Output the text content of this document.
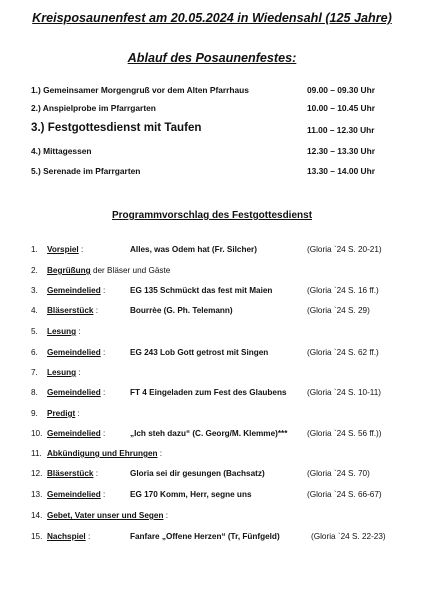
Kreisposaunenfest am 20.05.2024 in Wiedensahl (125 Jahre)
Ablauf des Posaunenfestes:
1.) Gemeinsamer Morgengruß vor dem Alten Pfarrhaus	09.00 – 09.30 Uhr
2.) Anspielprobe im Pfarrgarten	10.00 – 10.45 Uhr
3.) Festgottesdienst mit Taufen	11.00 – 12.30 Uhr
4.) Mittagessen	12.30 – 13.30 Uhr
5.) Serenade im Pfarrgarten	13.30 – 14.00 Uhr
Programmvorschlag des Festgottesdienst
1. Vorspiel :	Alles, was Odem hat (Fr. Silcher)	(Gloria `24 S. 20-21)
2. Begrüßung der Bläser und Gäste
3. Gemeindelied :	EG 135 Schmückt das fest mit Maien	(Gloria `24 S. 16 ff.)
4. Bläserstück :	Bourrèe (G. Ph. Telemann)	(Gloria `24 S. 29)
5. Lesung :
6. Gemeindelied :	EG 243 Lob Gott getrost mit Singen	(Gloria `24 S. 62 ff.)
7. Lesung :
8. Gemeindelied :	FT 4 Eingeladen zum Fest des Glaubens (Gloria `24 S. 10-11)
9. Predigt :
10. Gemeindelied :	„Ich steh dazu“ (C. Georg/M. Klemme)*** (Gloria `24 S. 56 ff.))
11. Abkündigung und Ehrungen :
12. Bläserstück :	Gloria sei dir gesungen (Bachsatz)	(Gloria `24 S. 70)
13. Gemeindelied :	EG 170 Komm, Herr, segne uns	(Gloria `24 S. 66-67)
14. Gebet, Vater unser und Segen :
15. Nachspiel :	Fanfare „Offene Herzen“ (Tr, Fünfgeld)	(Gloria `24 S. 22-23)
